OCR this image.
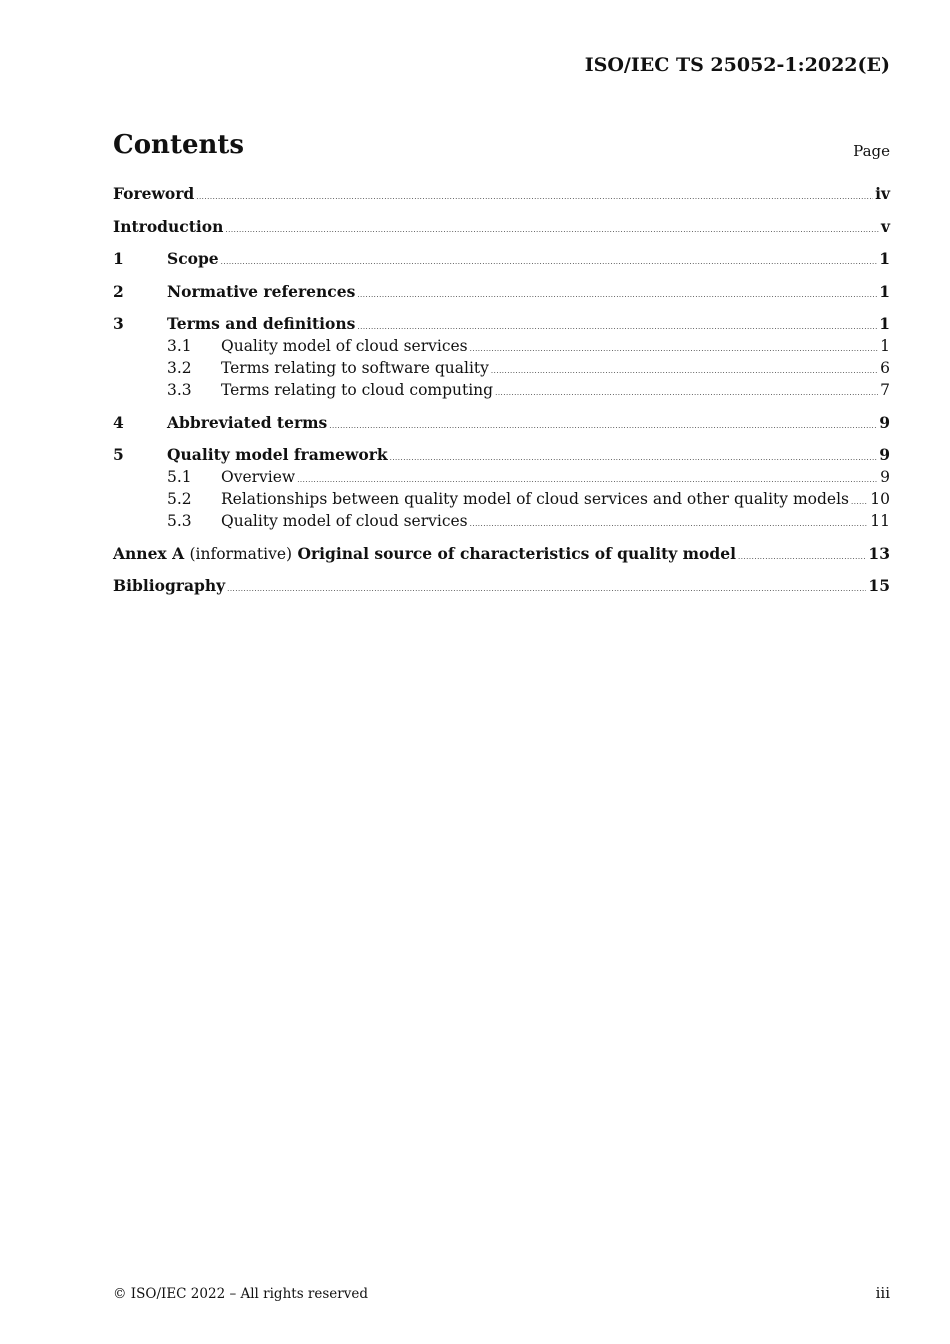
ISO/IEC TS 25052-1:2022(E)
Contents	Page
Foreword .....	iv
Introduction .....	v
1	Scope .....	1
2	Normative references .....	1
3	Terms and definitions .....	1
3.1	Quality model of cloud services .....	1
3.2	Terms relating to software quality .....	6
3.3	Terms relating to cloud computing .....	7
4	Abbreviated terms .....	9
5	Quality model framework .....	9
5.1	Overview .....	9
5.2	Relationships between quality model of cloud services and other quality models ..... 10
5.3	Quality model of cloud services .....	11
Annex A (informative) Original source of characteristics of quality model .....	13
Bibliography .....	15
© ISO/IEC 2022 – All rights reserved	iii
